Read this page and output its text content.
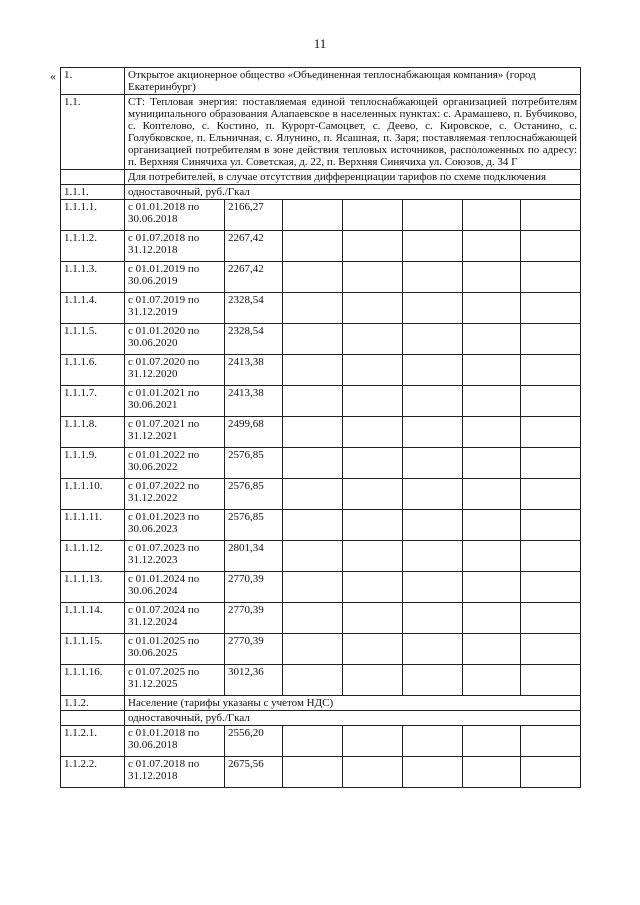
11
« 1.	Открытое акционерное общество «Объединенная теплоснабжающая компания» (город Екатеринбург)						
1.1.	СТ: Тепловая энергия: поставляемая единой теплоснабжающей организацией потребителям муниципального образования Алапаевское в населенных пунктах: с. Арамашево, п. Бубчиково, с. Коптелово, с. Костино, п. Курорт-Самоцвет, с. Деево, с. Кировское, с. Останино, с. Голубковское, п. Ельничная, с. Ялунино, п. Ясашная, п. Заря; поставляемая теплоснабжающей организацией потребителям в зоне действия тепловых источников, расположенных по адресу: п. Верхняя Синячиха ул. Советская, д. 22, п. Верхняя Синячиха ул. Союзов, д. 34 Г						
	Для потребителей, в случае отсутствия дифференциации тарифов по схеме подключения						
1.1.1.	одноставочный, руб./Гкал						
1.1.1.1.	с 01.01.2018 по 30.06.2018	2166,27					
1.1.1.2.	с 01.07.2018 по 31.12.2018	2267,42					
1.1.1.3.	с 01.01.2019 по 30.06.2019	2267,42					
1.1.1.4.	с 01.07.2019 по 31.12.2019	2328,54					
1.1.1.5.	с 01.01.2020 по 30.06.2020	2328,54					
1.1.1.6.	с 01.07.2020 по 31.12.2020	2413,38					
1.1.1.7.	с 01.01.2021 по 30.06.2021	2413,38					
1.1.1.8.	с 01.07.2021 по 31.12.2021	2499,68					
1.1.1.9.	с 01.01.2022 по 30.06.2022	2576,85					
1.1.1.10.	с 01.07.2022 по 31.12.2022	2576,85					
1.1.1.11.	с 01.01.2023 по 30.06.2023	2576,85					
1.1.1.12.	с 01.07.2023 по 31.12.2023	2801,34					
1.1.1.13.	с 01.01.2024 по 30.06.2024	2770,39					
1.1.1.14.	с 01.07.2024 по 31.12.2024	2770,39					
1.1.1.15.	с 01.01.2025 по 30.06.2025	2770,39					
1.1.1.16.	с 01.07.2025 по 31.12.2025	3012,36					
1.1.2.	Население (тарифы указаны с учетом НДС)						
	одноставочный, руб./Гкал						
1.1.2.1.	с 01.01.2018 по 30.06.2018	2556,20					
1.1.2.2.	с 01.07.2018 по 31.12.2018	2675,56					
